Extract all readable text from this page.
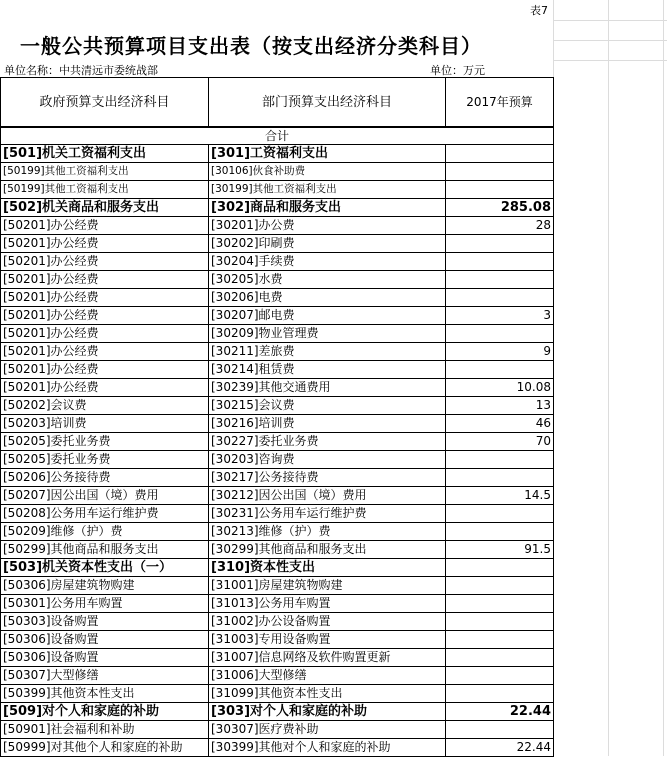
表7
一般公共预算项目支出表（按支出经济分类科目）
单位名称：中共清远市委统战部	单位：万元
政府预算支出经济科目	部门预算支出经济科目	2017年预算
合计		
[501]机关工资福利支出	[301]工资福利支出	
[50199]其他工资福利支出	[30106]伙食补助费	
[50199]其他工资福利支出	[30199]其他工资福利支出	
[502]机关商品和服务支出	[302]商品和服务支出	285.08
[50201]办公经费	[30201]办公费	28
[50201]办公经费	[30202]印刷费	
[50201]办公经费	[30204]手续费	
[50201]办公经费	[30205]水费	
[50201]办公经费	[30206]电费	
[50201]办公经费	[30207]邮电费	3
[50201]办公经费	[30209]物业管理费	
[50201]办公经费	[30211]差旅费	9
[50201]办公经费	[30214]租赁费	
[50201]办公经费	[30239]其他交通费用	10.08
[50202]会议费	[30215]会议费	13
[50203]培训费	[30216]培训费	46
[50205]委托业务费	[30227]委托业务费	70
[50205]委托业务费	[30203]咨询费	
[50206]公务接待费	[30217]公务接待费	
[50207]因公出国（境）费用	[30212]因公出国（境）费用	14.5
[50208]公务用车运行维护费	[30231]公务用车运行维护费	
[50209]维修（护）费	[30213]维修（护）费	
[50299]其他商品和服务支出	[30299]其他商品和服务支出	91.5
[503]机关资本性支出（一）	[310]资本性支出	
[50306]房屋建筑物购建	[31001]房屋建筑物购建	
[50301]公务用车购置	[31013]公务用车购置	
[50303]设备购置	[31002]办公设备购置	
[50306]设备购置	[31003]专用设备购置	
[50306]设备购置	[31007]信息网络及软件购置更新	
[50307]大型修缮	[31006]大型修缮	
[50399]其他资本性支出	[31099]其他资本性支出	
[509]对个人和家庭的补助	[303]对个人和家庭的补助	22.44
[50901]社会福利和补助	[30307]医疗费补助	
[50999]对其他个人和家庭的补助	[30399]其他对个人和家庭的补助	22.44
